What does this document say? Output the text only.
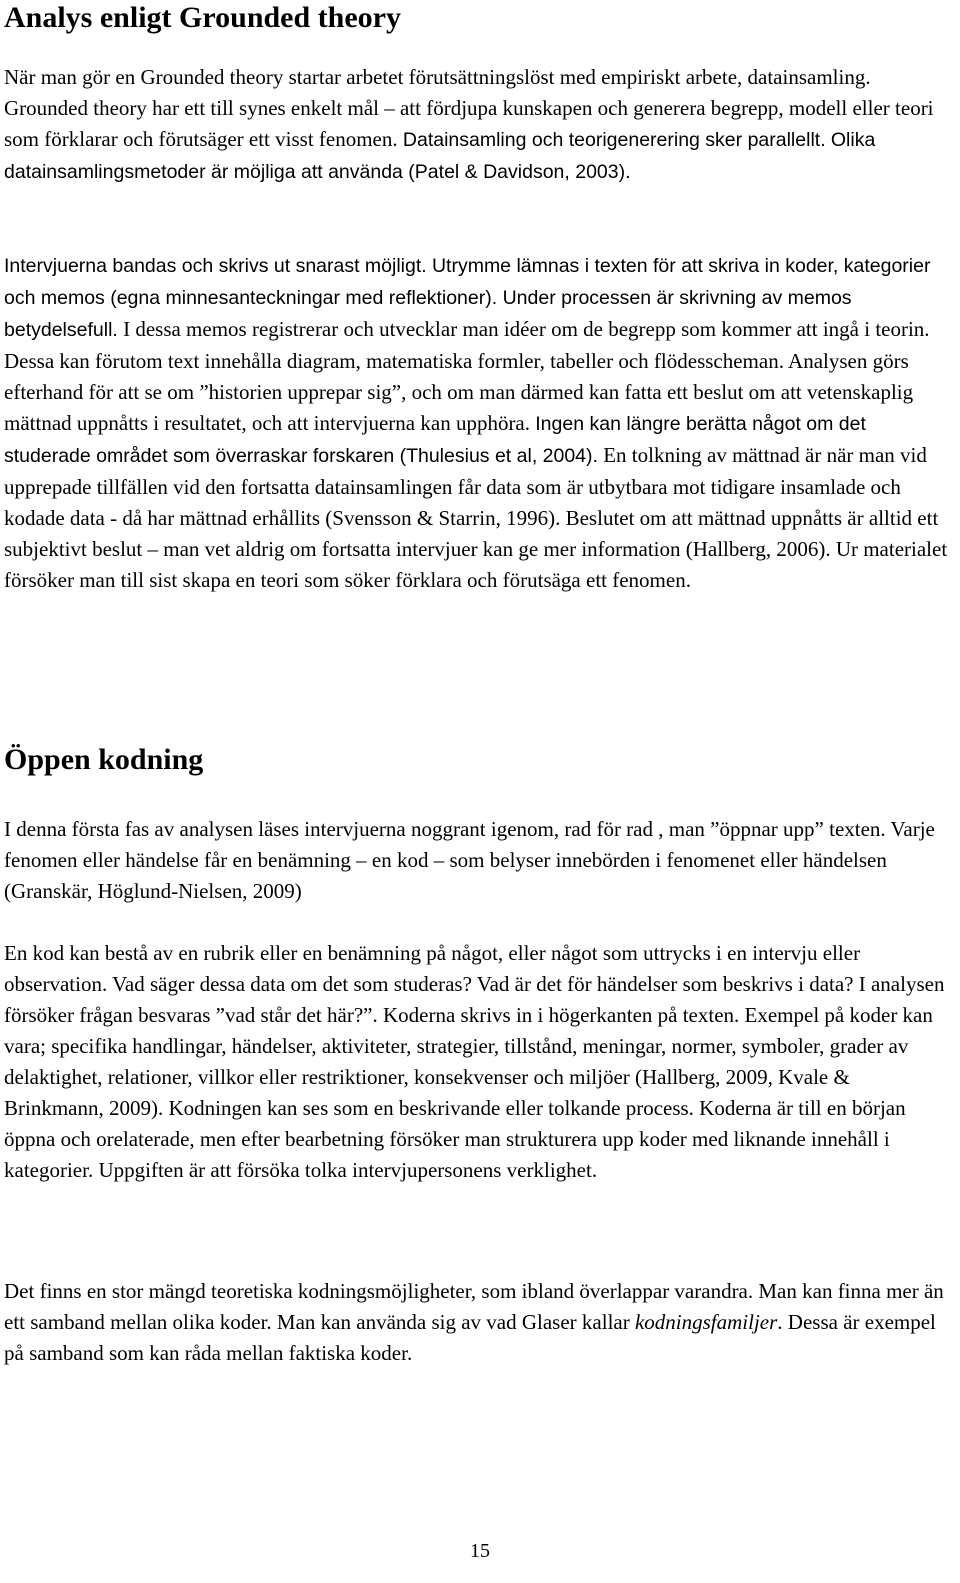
Analys enligt Grounded theory

När man gör en Grounded theory startar arbetet förutsättningslöst med empiriskt arbete, datainsamling. Grounded theory har ett till synes enkelt mål – att fördjupa kunskapen och generera begrepp, modell eller teori som förklarar och förutsäger ett visst fenomen. Datainsamling och teorigenerering sker parallellt. Olika datainsamlingsmetoder är möjliga att använda (Patel & Davidson, 2003).

Intervjuerna bandas och skrivs ut snarast möjligt. Utrymme lämnas i texten för att skriva in koder, kategorier och memos (egna minnesanteckningar med reflektioner). Under processen är skrivning av memos betydelsefull. I dessa memos registrerar och utvecklar man idéer om de begrepp som kommer att ingå i teorin. Dessa kan förutom text innehålla diagram, matematiska formler, tabeller och flödesscheman. Analysen görs efterhand för att se om ”historien upprepar sig”, och om man därmed kan fatta ett beslut om att vetenskaplig mättnad uppnåtts i resultatet, och att intervjuerna kan upphöra. Ingen kan längre berätta något om det studerade området som överraskar forskaren (Thulesius et al, 2004). En tolkning av mättnad är när man vid upprepade tillfällen vid den fortsatta datainsamlingen får data som är utbytbara mot tidigare insamlade och kodade data - då har mättnad erhållits (Svensson & Starrin, 1996). Beslutet om att mättnad uppnåtts är alltid ett subjektivt beslut – man vet aldrig om fortsatta intervjuer kan ge mer information (Hallberg, 2006). Ur materialet försöker man till sist skapa en teori som söker förklara och förutsäga ett fenomen.

Öppen kodning

I denna första fas av analysen läses intervjuerna noggrant igenom, rad för rad , man ”öppnar upp” texten. Varje fenomen eller händelse får en benämning – en kod – som belyser innebörden i fenomenet eller händelsen (Granskär, Höglund-Nielsen, 2009)

En kod kan bestå av en rubrik eller en benämning på något, eller något som uttrycks i en intervju eller observation. Vad säger dessa data om det som studeras? Vad är det för händelser som beskrivs i data? I analysen försöker frågan besvaras ”vad står det här?”. Koderna skrivs in i högerkanten på texten. Exempel på koder kan vara; specifika handlingar, händelser, aktiviteter, strategier, tillstånd, meningar, normer, symboler, grader av delaktighet, relationer, villkor eller restriktioner, konsekvenser och miljöer (Hallberg, 2009, Kvale & Brinkmann, 2009). Kodningen kan ses som en beskrivande eller tolkande process. Koderna är till en början öppna och orelaterade, men efter bearbetning försöker man strukturera upp koder med liknande innehåll i kategorier. Uppgiften är att försöka tolka intervjupersonens verklighet.

Det finns en stor mängd teoretiska kodningsmöjligheter, som ibland överlappar varandra. Man kan finna mer än ett samband mellan olika koder. Man kan använda sig av vad Glaser kallar kodningsfamiljer. Dessa är exempel på samband som kan råda mellan faktiska koder.

15
